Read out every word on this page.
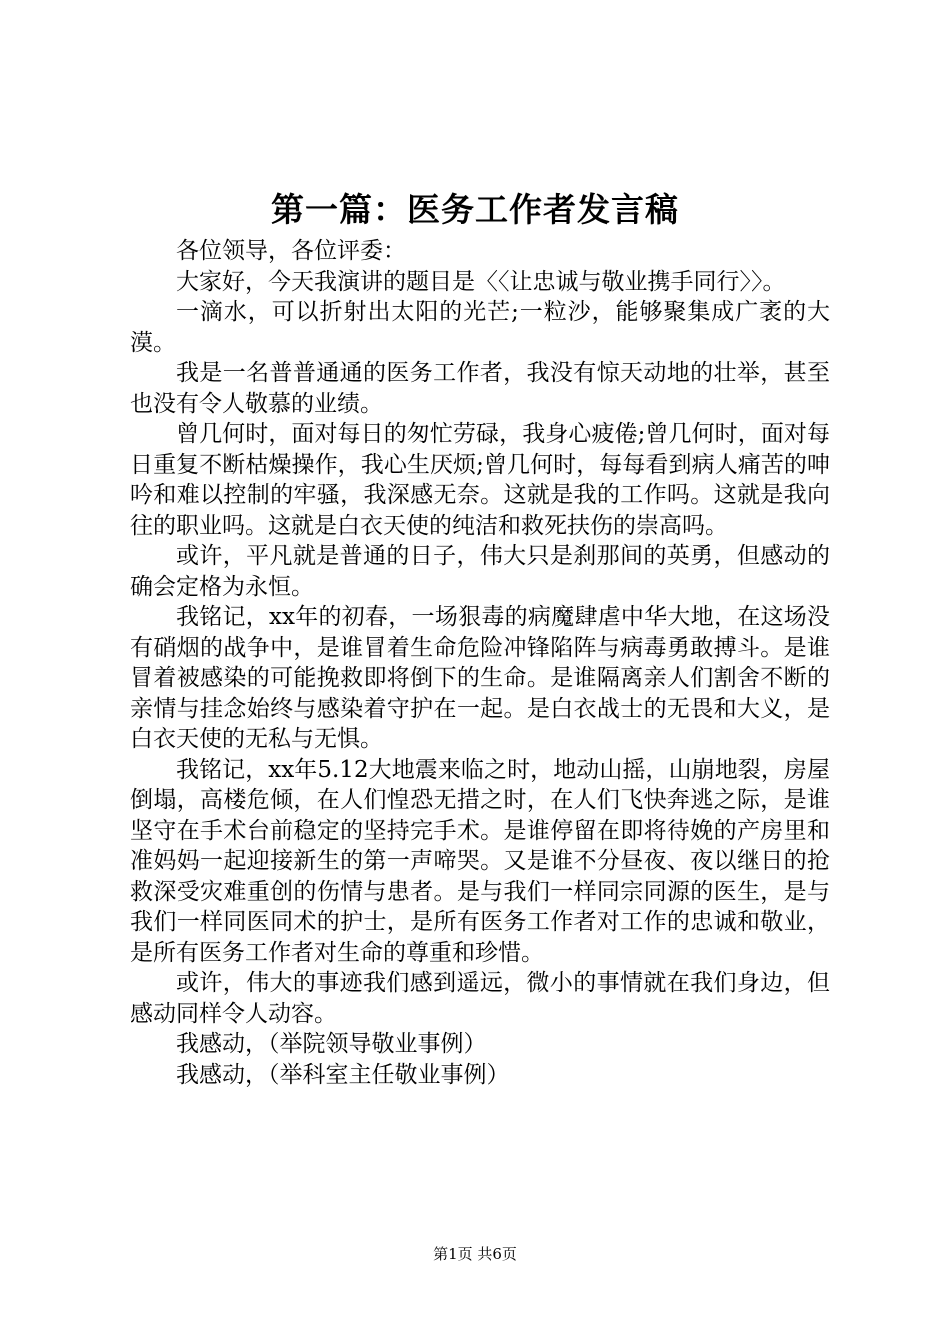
第一篇：医务工作者发言稿

各位领导，各位评委：

大家好，今天我演讲的题目是〈〈让忠诚与敬业携手同行〉〉。

一滴水，可以折射出太阳的光芒;一粒沙，能够聚集成广袤的大漠。

我是一名普普通通的医务工作者，我没有惊天动地的壮举，甚至也没有令人敬慕的业绩。

曾几何时，面对每日的匆忙劳碌，我身心疲倦;曾几何时，面对每日重复不断枯燥操作，我心生厌烦;曾几何时，每每看到病人痛苦的呻吟和难以控制的牢骚，我深感无奈。这就是我的工作吗。这就是我向往的职业吗。这就是白衣天使的纯洁和救死扶伤的崇高吗。

或许，平凡就是普通的日子，伟大只是刹那间的英勇，但感动的确会定格为永恒。

我铭记，xx年的初春，一场狠毒的病魔肆虐中华大地，在这场没有硝烟的战争中，是谁冒着生命危险冲锋陷阵与病毒勇敢搏斗。是谁冒着被感染的可能挽救即将倒下的生命。是谁隔离亲人们割舍不断的亲情与挂念始终与感染着守护在一起。是白衣战士的无畏和大义，是白衣天使的无私与无惧。

我铭记，xx年5.12大地震来临之时，地动山摇，山崩地裂，房屋倒塌，高楼危倾，在人们惶恐无措之时，在人们飞快奔逃之际，是谁坚守在手术台前稳定的坚持完手术。是谁停留在即将待娩的产房里和准妈妈一起迎接新生的第一声啼哭。又是谁不分昼夜、夜以继日的抢救深受灾难重创的伤情与患者。是与我们一样同宗同源的医生，是与我们一样同医同术的护士，是所有医务工作者对工作的忠诚和敬业，是所有医务工作者对生命的尊重和珍惜。

或许，伟大的事迹我们感到遥远，微小的事情就在我们身边，但感动同样令人动容。

我感动，（举院领导敬业事例）

我感动，（举科室主任敬业事例）

第1页 共6页
